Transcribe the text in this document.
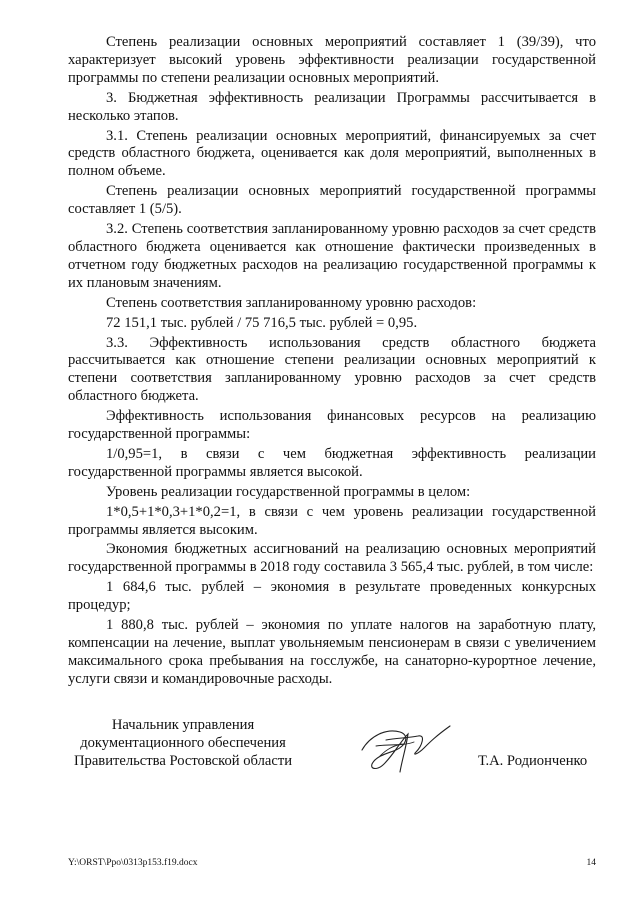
Степень реализации основных мероприятий составляет 1 (39/39), что характеризует высокий уровень эффективности реализации государственной программы по степени реализации основных мероприятий.

3. Бюджетная эффективность реализации Программы рассчитывается в несколько этапов.

3.1. Степень реализации основных мероприятий, финансируемых за счет средств областного бюджета, оценивается как доля мероприятий, выполненных в полном объеме.

Степень реализации основных мероприятий государственной программы составляет 1 (5/5).

3.2. Степень соответствия запланированному уровню расходов за счет средств областного бюджета оценивается как отношение фактически произведенных в отчетном году бюджетных расходов на реализацию государственной программы к их плановым значениям.

Степень соответствия запланированному уровню расходов:

72 151,1 тыс. рублей / 75 716,5 тыс. рублей = 0,95.

3.3. Эффективность использования средств областного бюджета рассчитывается как отношение степени реализации основных мероприятий к степени соответствия запланированному уровню расходов за счет средств областного бюджета.

Эффективность использования финансовых ресурсов на реализацию государственной программы:

1/0,95=1, в связи с чем бюджетная эффективность реализации государственной программы является высокой.

Уровень реализации государственной программы в целом:

1*0,5+1*0,3+1*0,2=1, в связи с чем уровень реализации государственной программы является высоким.

Экономия бюджетных ассигнований на реализацию основных мероприятий государственной программы в 2018 году составила 3 565,4 тыс. рублей, в том числе:

1 684,6 тыс. рублей – экономия в результате проведенных конкурсных процедур;

1 880,8 тыс. рублей – экономия по уплате налогов на заработную плату, компенсации на лечение, выплат увольняемым пенсионерам в связи с увеличением максимального срока пребывания на госслужбе, на санаторно-курортное лечение, услуги связи и командировочные расходы.

Начальник управления
документационного обеспечения
Правительства Ростовской области	Т.А. Родионченко
Y:\ORST\Ppo\0313p153.f19.docx	14
